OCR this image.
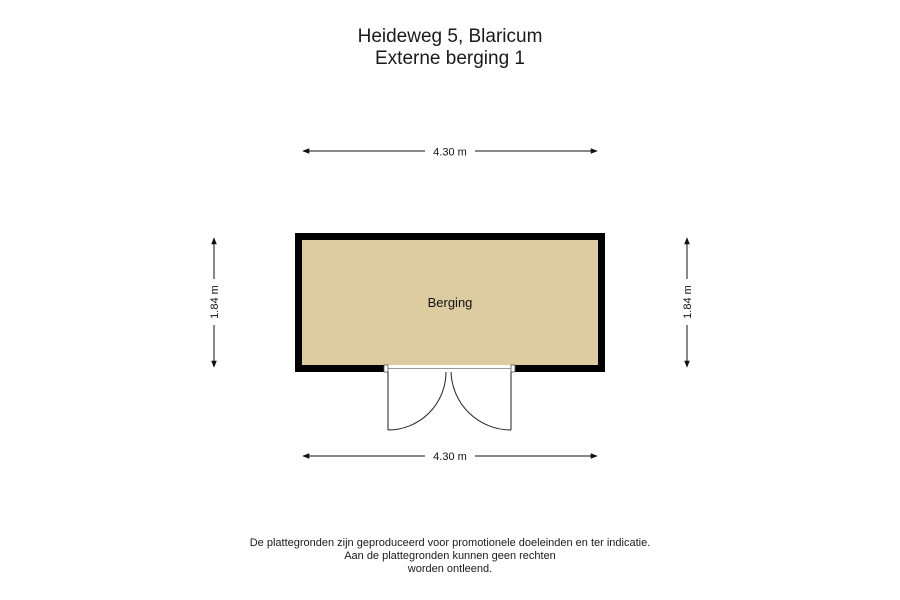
Heideweg 5, Blaricum
Externe berging 1
4.30 m
4.30 m
1.84 m	1.84 m
Berging
De plattegronden zijn geproduceerd voor promotionele doeleinden en ter indicatie.
Aan de plattegronden kunnen geen rechten
worden ontleend.
